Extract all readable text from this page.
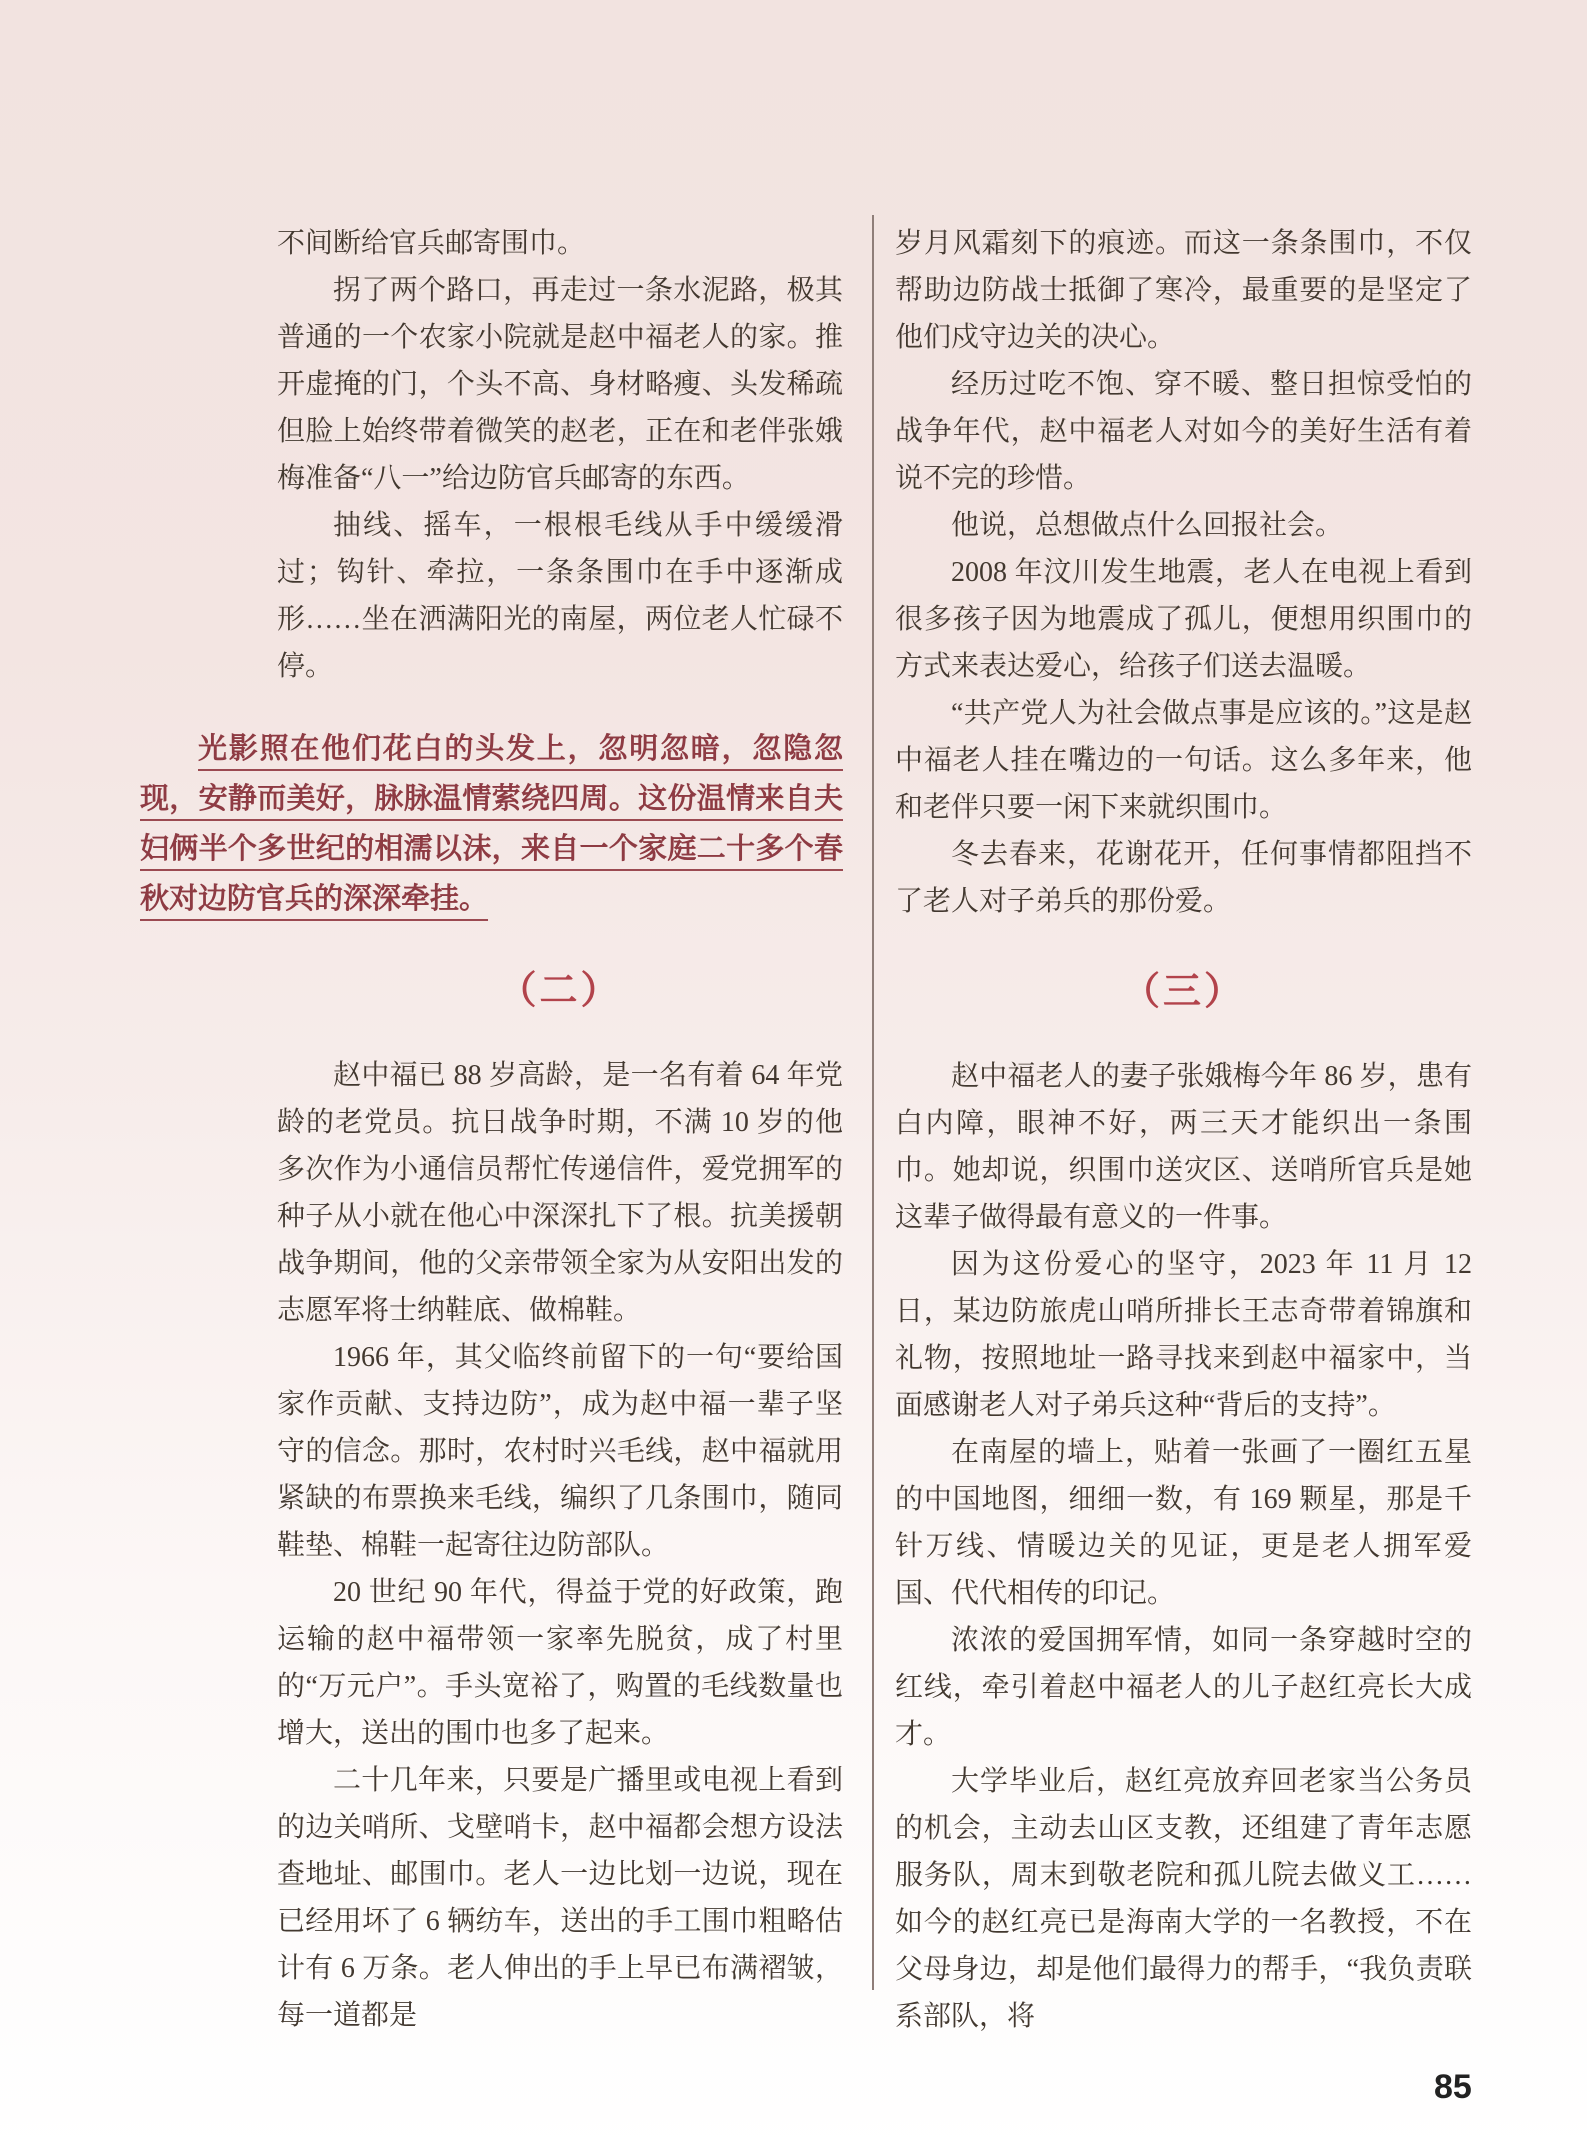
不间断给官兵邮寄围巾。

拐了两个路口，再走过一条水泥路，极其普通的一个农家小院就是赵中福老人的家。推开虚掩的门，个头不高、身材略瘦、头发稀疏但脸上始终带着微笑的赵老，正在和老伴张娥梅准备“八一”给边防官兵邮寄的东西。

抽线、摇车，一根根毛线从手中缓缓滑过；钩针、牵拉，一条条围巾在手中逐渐成形……坐在洒满阳光的南屋，两位老人忙碌不停。

光影照在他们花白的头发上，忽明忽暗，忽隐忽现，安静而美好，脉脉温情萦绕四周。这份温情来自夫妇俩半个多世纪的相濡以沫，来自一个家庭二十多个春秋对边防官兵的深深牵挂。

（二）

赵中福已 88 岁高龄，是一名有着 64 年党龄的老党员。抗日战争时期，不满 10 岁的他多次作为小通信员帮忙传递信件，爱党拥军的种子从小就在他心中深深扎下了根。抗美援朝战争期间，他的父亲带领全家为从安阳出发的志愿军将士纳鞋底、做棉鞋。

1966 年，其父临终前留下的一句“要给国家作贡献、支持边防”，成为赵中福一辈子坚守的信念。那时，农村时兴毛线，赵中福就用紧缺的布票换来毛线，编织了几条围巾，随同鞋垫、棉鞋一起寄往边防部队。

20 世纪 90 年代，得益于党的好政策，跑运输的赵中福带领一家率先脱贫，成了村里的“万元户”。手头宽裕了，购置的毛线数量也增大，送出的围巾也多了起来。

二十几年来，只要是广播里或电视上看到的边关哨所、戈壁哨卡，赵中福都会想方设法查地址、邮围巾。老人一边比划一边说，现在已经用坏了 6 辆纺车，送出的手工围巾粗略估计有 6 万条。老人伸出的手上早已布满褶皱，每一道都是

岁月风霜刻下的痕迹。而这一条条围巾，不仅帮助边防战士抵御了寒冷，最重要的是坚定了他们戍守边关的决心。

经历过吃不饱、穿不暖、整日担惊受怕的战争年代，赵中福老人对如今的美好生活有着说不完的珍惜。

他说，总想做点什么回报社会。

2008 年汶川发生地震，老人在电视上看到很多孩子因为地震成了孤儿，便想用织围巾的方式来表达爱心，给孩子们送去温暖。

“共产党人为社会做点事是应该的。”这是赵中福老人挂在嘴边的一句话。这么多年来，他和老伴只要一闲下来就织围巾。

冬去春来，花谢花开，任何事情都阻挡不了老人对子弟兵的那份爱。

（三）

赵中福老人的妻子张娥梅今年 86 岁，患有白内障，眼神不好，两三天才能织出一条围巾。她却说，织围巾送灾区、送哨所官兵是她这辈子做得最有意义的一件事。

因为这份爱心的坚守，2023 年 11 月 12 日，某边防旅虎山哨所排长王志奇带着锦旗和礼物，按照地址一路寻找来到赵中福家中，当面感谢老人对子弟兵这种“背后的支持”。

在南屋的墙上，贴着一张画了一圈红五星的中国地图，细细一数，有 169 颗星，那是千针万线、情暖边关的见证，更是老人拥军爱国、代代相传的印记。

浓浓的爱国拥军情，如同一条穿越时空的红线，牵引着赵中福老人的儿子赵红亮长大成才。

大学毕业后，赵红亮放弃回老家当公务员的机会，主动去山区支教，还组建了青年志愿服务队，周末到敬老院和孤儿院去做义工……如今的赵红亮已是海南大学的一名教授，不在父母身边，却是他们最得力的帮手，“我负责联系部队，将

85
